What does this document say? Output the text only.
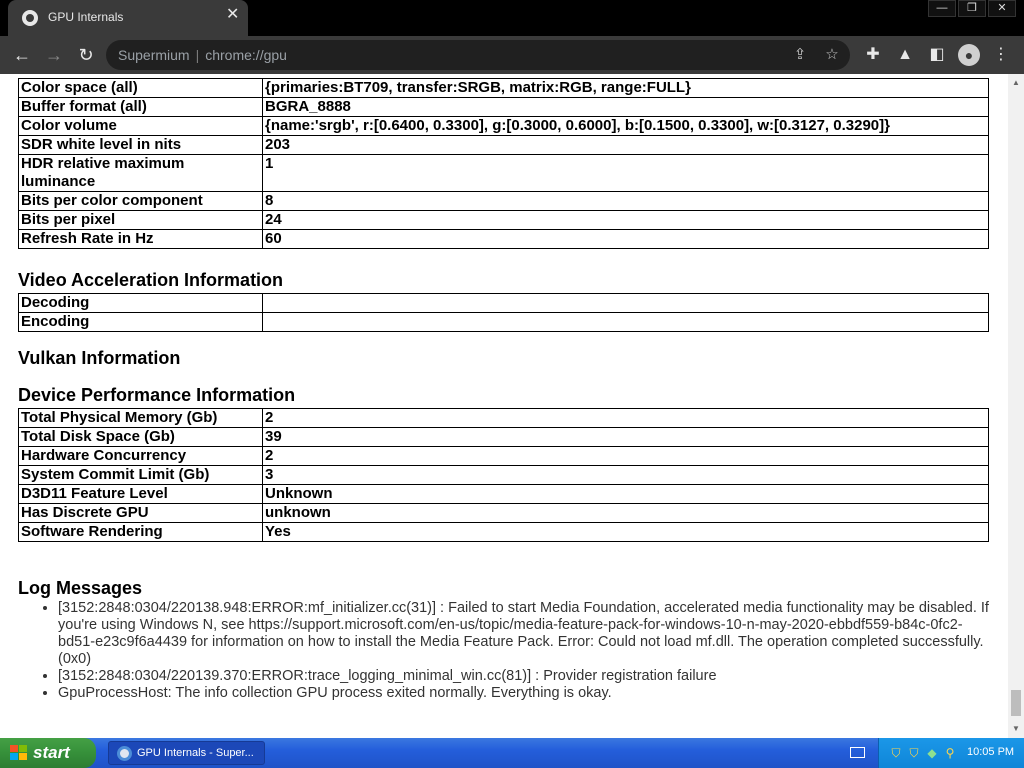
GPU Internals	✕	—	❐	✕
← → ↻	Supermium | chrome://gpu	⇪ ☆ ✚ ▲ ◧	●	⋮
Color space (all)	{primaries:BT709, transfer:SRGB, matrix:RGB, range:FULL}
Buffer format (all)	BGRA_8888
Color volume	{name:'srgb', r:[0.6400, 0.3300], g:[0.3000, 0.6000], b:[0.1500, 0.3300], w:[0.3127, 0.3290]}
SDR white level in nits	203
HDR relative maximum luminance	1
Bits per color component	8
Bits per pixel	24
Refresh Rate in Hz	60
Video Acceleration Information
Decoding	
Encoding	
Vulkan Information
Device Performance Information
Total Physical Memory (Gb)	2
Total Disk Space (Gb)	39
Hardware Concurrency	2
System Commit Limit (Gb)	3
D3D11 Feature Level	Unknown
Has Discrete GPU	unknown
Software Rendering	Yes
Log Messages
• [3152:2848:0304/220138.948:ERROR:mf_initializer.cc(31)] : Failed to start Media Foundation, accelerated media functionality may be disabled. If you're using Windows N, see https://support.microsoft.com/en-us/topic/media-feature-pack-for-windows-10-n-may-2020-ebbdf559-b84c-0fc2-bd51-e23c9f6a4439 for information on how to install the Media Feature Pack. Error: Could not load mf.dll. The operation completed successfully. (0x0)
• [3152:2848:0304/220139.370:ERROR:trace_logging_minimal_win.cc(81)] : Provider registration failure
• GpuProcessHost: The info collection GPU process exited normally. Everything is okay.
▲
▼
start	GPU Internals - Super...	⛉ ⛉ ◆ ⚲ 10:05 PM
